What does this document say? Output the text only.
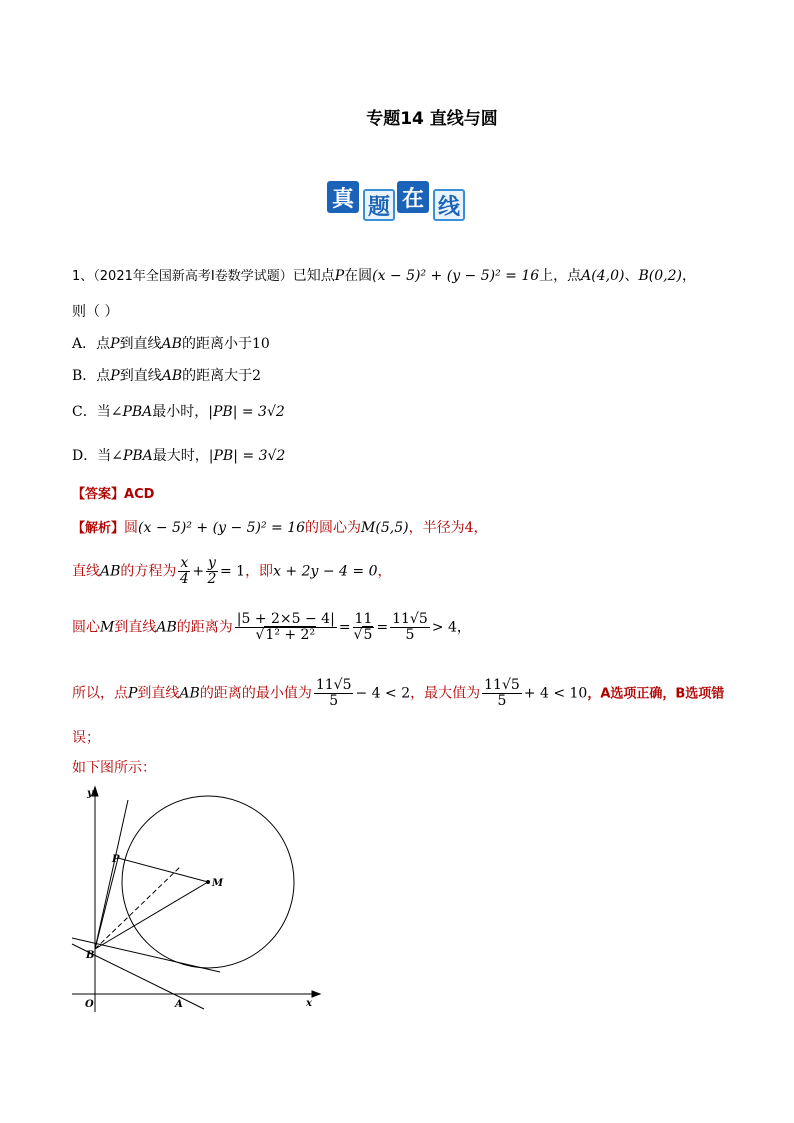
专题14 直线与圆
真 题 在 线
1、（2021年全国新高考Ⅰ卷数学试题）已知点P在圆(x − 5)² + (y − 5)² = 16上，点A(4,0)、B(0,2)，
则（ ）
A．点P到直线AB的距离小于10
B．点P到直线AB的距离大于2
C．当∠PBA最小时，|PB| = 3√2
D．当∠PBA最大时，|PB| = 3√2
【答案】ACD
【解析】圆(x − 5)² + (y − 5)² = 16的圆心为M(5,5)，半径为4，
直线AB的方程为 $\frac{x}{4} + \frac{y}{2} = 1$，即x + 2y − 4 = 0，
圆心M到直线AB的距离为 $\frac{|5 + 2\times 5 - 4|}{\text{√1² + 2²}} = \frac{11}{√5} = \frac{11√5}{5} > 4$，
所以，点P到直线AB的距离的最小值为 $\frac{11√5}{5} - 4 < 2$，最大值为 $\frac{11√5}{5} + 4 < 10$，A选项正确，B选项错
误；
如下图所示：
y
x
O	A
B
P
M
